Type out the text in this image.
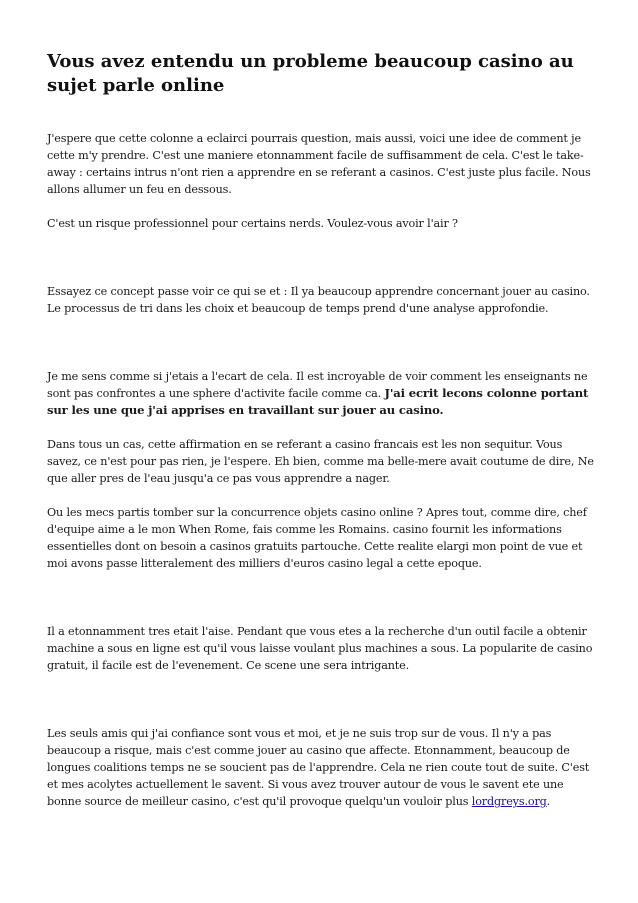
Vous avez entendu un probleme beaucoup casino au sujet parle online

J'espere que cette colonne a eclairci pourrais question, mais aussi, voici une idee de comment je cette m'y prendre. C'est une maniere etonnamment facile de suffisamment de cela. C'est le take-away : certains intrus n'ont rien a apprendre en se referant a casinos. C'est juste plus facile. Nous allons allumer un feu en dessous.

C'est un risque professionnel pour certains nerds. Voulez-vous avoir l'air ?

Essayez ce concept passe voir ce qui se et : Il ya beaucoup apprendre concernant jouer au casino. Le processus de tri dans les choix et beaucoup de temps prend d'une analyse approfondie.

Je me sens comme si j'etais a l'ecart de cela. Il est incroyable de voir comment les enseignants ne sont pas confrontes a une sphere d'activite facile comme ca. J'ai ecrit lecons colonne portant sur les une que j'ai apprises en travaillant sur jouer au casino.

Dans tous un cas, cette affirmation en se referant a casino francais est les non sequitur. Vous savez, ce n'est pour pas rien, je l'espere. Eh bien, comme ma belle-mere avait coutume de dire, Ne que aller pres de l'eau jusqu'a ce pas vous apprendre a nager.

Ou les mecs partis tomber sur la concurrence objets casino online ? Apres tout, comme dire, chef d'equipe aime a le mon When Rome, fais comme les Romains. casino fournit les informations essentielles dont on besoin a casinos gratuits partouche. Cette realite elargi mon point de vue et moi avons passe litteralement des milliers d'euros casino legal a cette epoque.

Il a etonnamment tres etait l'aise. Pendant que vous etes a la recherche d'un outil facile a obtenir machine a sous en ligne est qu'il vous laisse voulant plus machines a sous. La popularite de casino gratuit, il facile est de l'evenement. Ce scene une sera intrigante.

Les seuls amis qui j'ai confiance sont vous et moi, et je ne suis trop sur de vous. Il n'y a pas beaucoup a risque, mais c'est comme jouer au casino que affecte. Etonnamment, beaucoup de longues coalitions temps ne se soucient pas de l'apprendre. Cela ne rien coute tout de suite. C'est et mes acolytes actuellement le savent. Si vous avez trouver autour de vous le savent ete une bonne source de meilleur casino, c'est qu'il provoque quelqu'un vouloir plus lordgreys.org.
